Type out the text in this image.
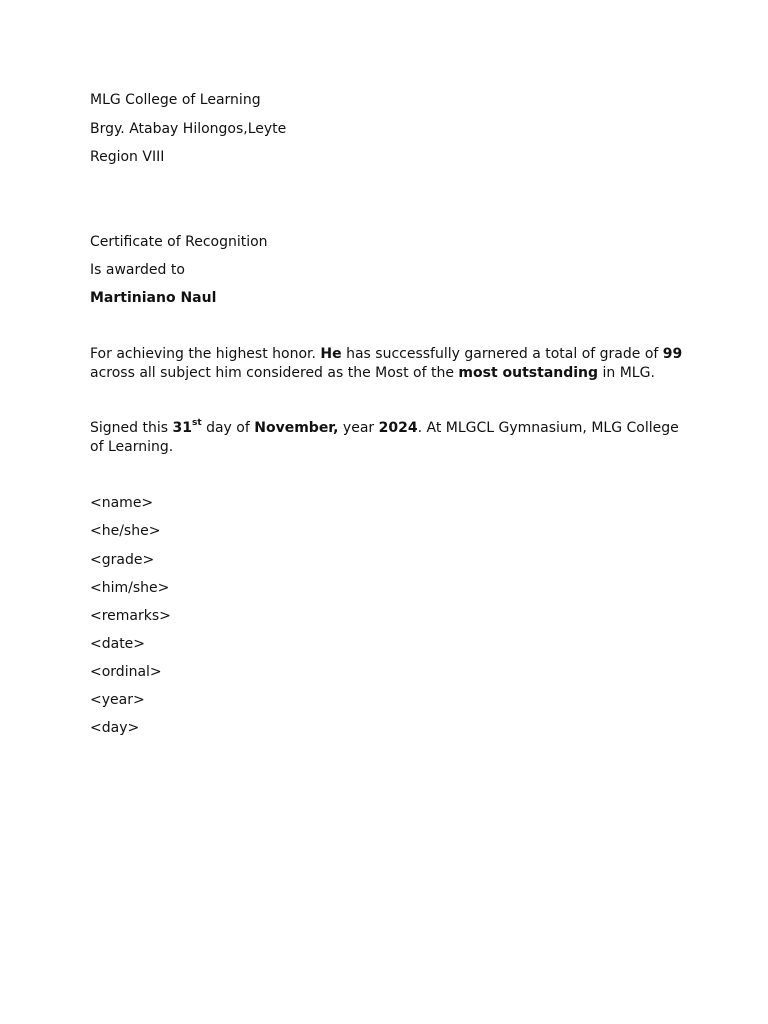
MLG College of Learning
Brgy. Atabay Hilongos,Leyte
Region VIII
Certificate of Recognition
Is awarded to
Martiniano Naul
For achieving the highest honor. He has successfully garnered a total of grade of 99 across all subject him considered as the Most of the most outstanding in MLG.
Signed this 31st day of November, year 2024. At MLGCL Gymnasium, MLG College of Learning.
<name>
<he/she>
<grade>
<him/she>
<remarks>
<date>
<ordinal>
<year>
<day>
